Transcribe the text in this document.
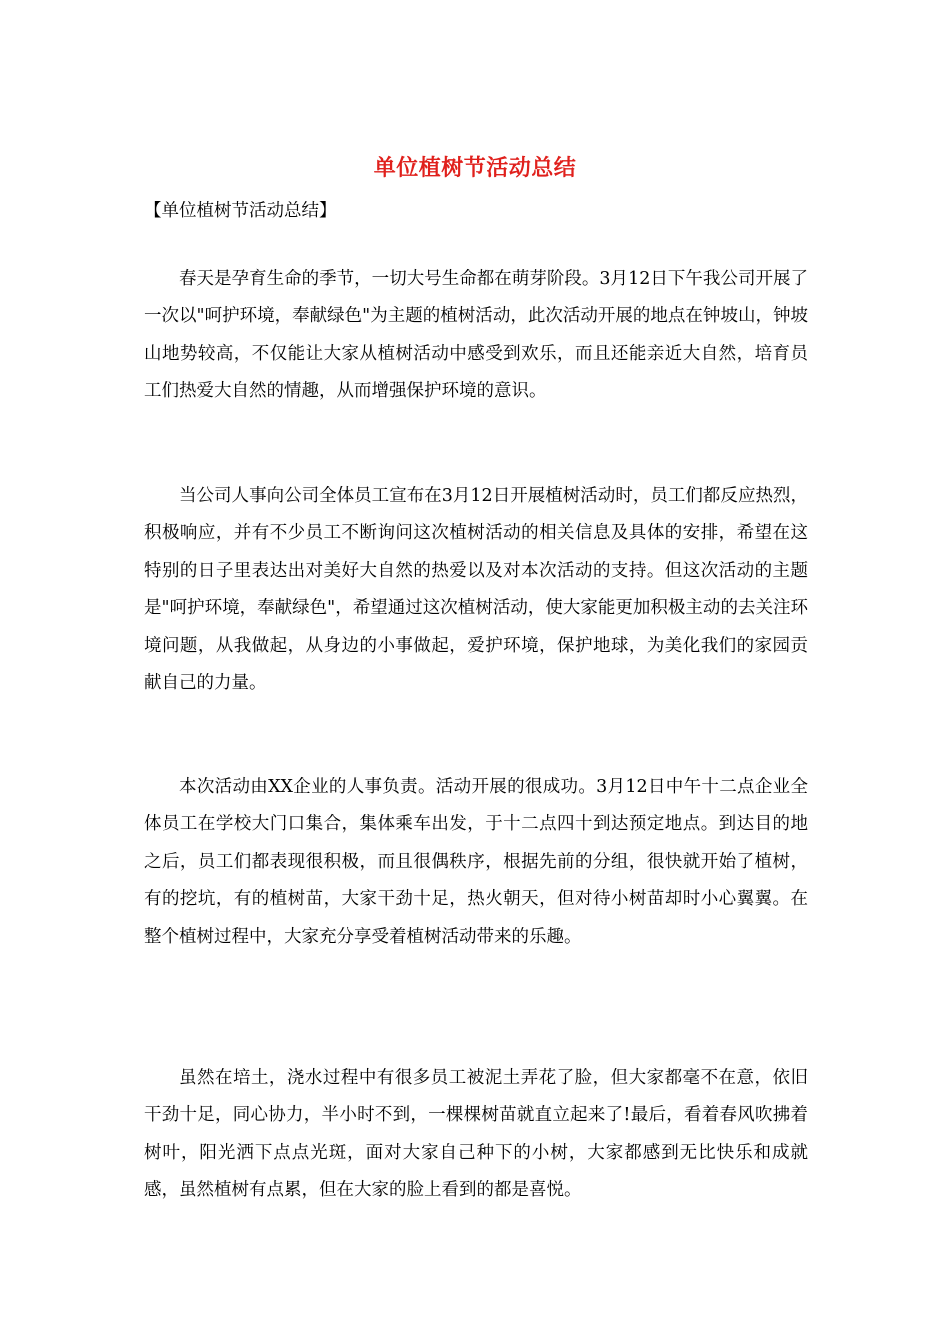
单位植树节活动总结
【单位植树节活动总结】

春天是孕育生命的季节，一切大号生命都在萌芽阶段。3月12日下午我公司开展了一次以"呵护环境，奉献绿色"为主题的植树活动，此次活动开展的地点在钟坡山，钟坡山地势较高，不仅能让大家从植树活动中感受到欢乐，而且还能亲近大自然，培育员工们热爱大自然的情趣，从而增强保护环境的意识。

当公司人事向公司全体员工宣布在3月12日开展植树活动时，员工们都反应热烈，积极响应，并有不少员工不断询问这次植树活动的相关信息及具体的安排，希望在这特别的日子里表达出对美好大自然的热爱以及对本次活动的支持。但这次活动的主题是"呵护环境，奉献绿色"，希望通过这次植树活动，使大家能更加积极主动的去关注环境问题，从我做起，从身边的小事做起，爱护环境，保护地球，为美化我们的家园贡献自己的力量。

本次活动由XX企业的人事负责。活动开展的很成功。3月12日中午十二点企业全体员工在学校大门口集合，集体乘车出发，于十二点四十到达预定地点。到达目的地之后，员工们都表现很积极，而且很偶秩序，根据先前的分组，很快就开始了植树，有的挖坑，有的植树苗，大家干劲十足，热火朝天，但对待小树苗却时小心翼翼。在整个植树过程中，大家充分享受着植树活动带来的乐趣。

虽然在培土，浇水过程中有很多员工被泥土弄花了脸，但大家都毫不在意，依旧干劲十足，同心协力，半小时不到，一棵棵树苗就直立起来了!最后，看着春风吹拂着树叶，阳光洒下点点光斑，面对大家自己种下的小树，大家都感到无比快乐和成就感，虽然植树有点累，但在大家的脸上看到的都是喜悦。
